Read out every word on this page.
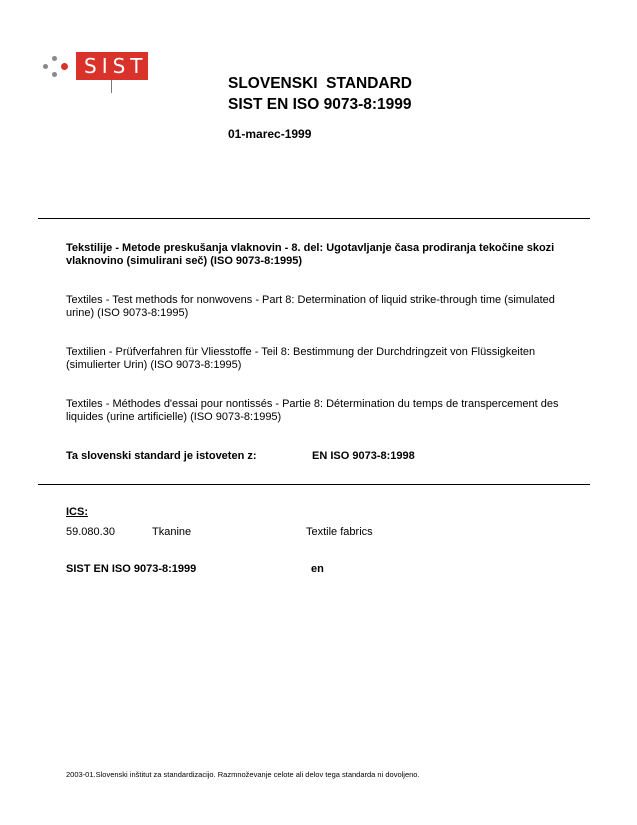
SIST
SLOVENSKI  STANDARD
SIST EN ISO 9073-8:1999
01-marec-1999
Tekstilije - Metode preskušanja vlaknovin - 8. del: Ugotavljanje časa prodiranja tekočine skozi vlaknovino (simulirani seč) (ISO 9073-8:1995)
Textiles - Test methods for nonwovens - Part 8: Determination of liquid strike-through time (simulated urine) (ISO 9073-8:1995)
Textilien - Prüfverfahren für Vliesstoffe - Teil 8: Bestimmung der Durchdringzeit von Flüssigkeiten (simulierter Urin) (ISO 9073-8:1995)
Textiles - Méthodes d'essai pour nontissés - Partie 8: Détermination du temps de transpercement des liquides (urine artificielle) (ISO 9073-8:1995)
Ta slovenski standard je istoveten z:	EN ISO 9073-8:1998
ICS:
59.080.30	Tkanine	Textile fabrics
SIST EN ISO 9073-8:1999	en
2003-01.Slovenski inštitut za standardizacijo. Razmnoževanje celote ali delov tega standarda ni dovoljeno.
